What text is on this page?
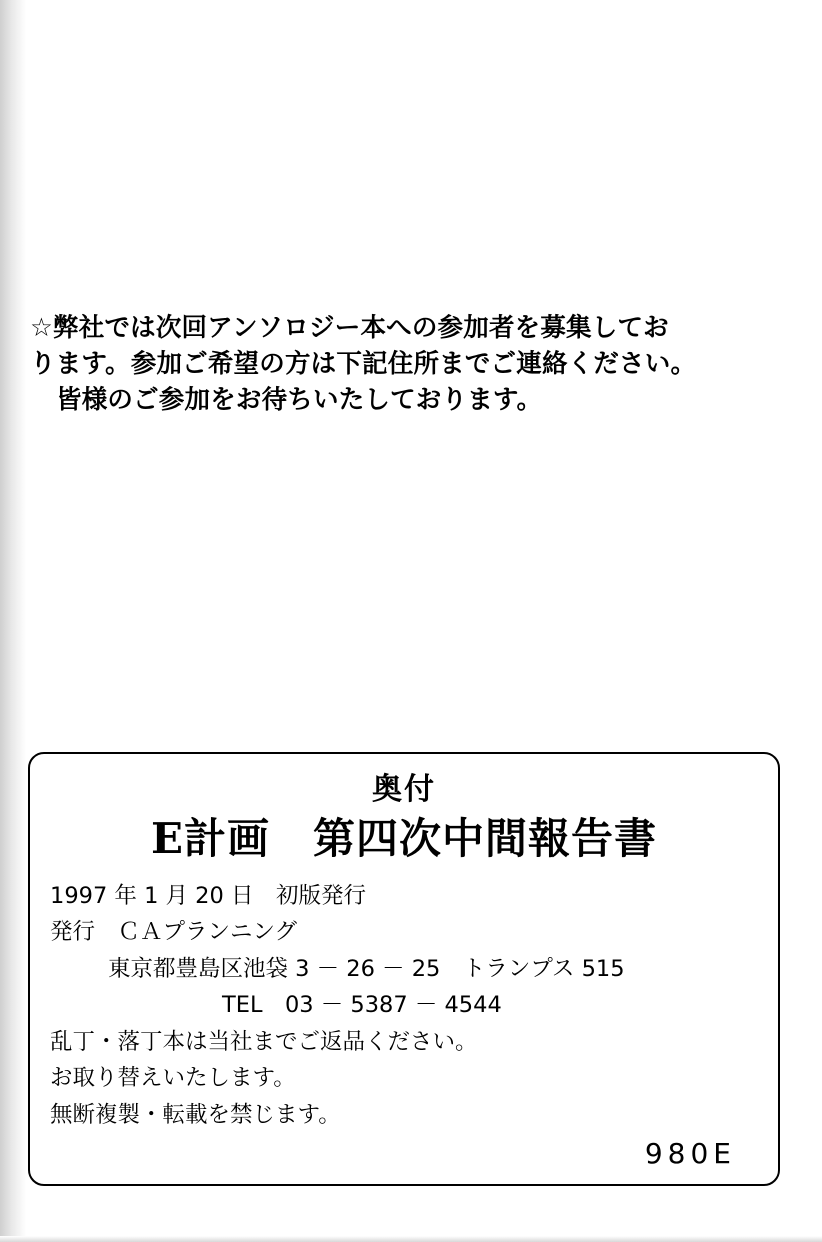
☆弊社では次回アンソロジー本への参加者を募集してお
ります。参加ご希望の方は下記住所までご連絡ください。
皆様のご参加をお待ちいたしております。
奥付
E計画　第四次中間報告書
1997 年 1 月 20 日　初版発行
発行　ＣＡプランニング
東京都豊島区池袋 3 － 26 － 25　トランプス 515
TEL　03 － 5387 － 4544
乱丁・落丁本は当社までご返品ください。
お取り替えいたします。
無断複製・転載を禁じます。
980E
